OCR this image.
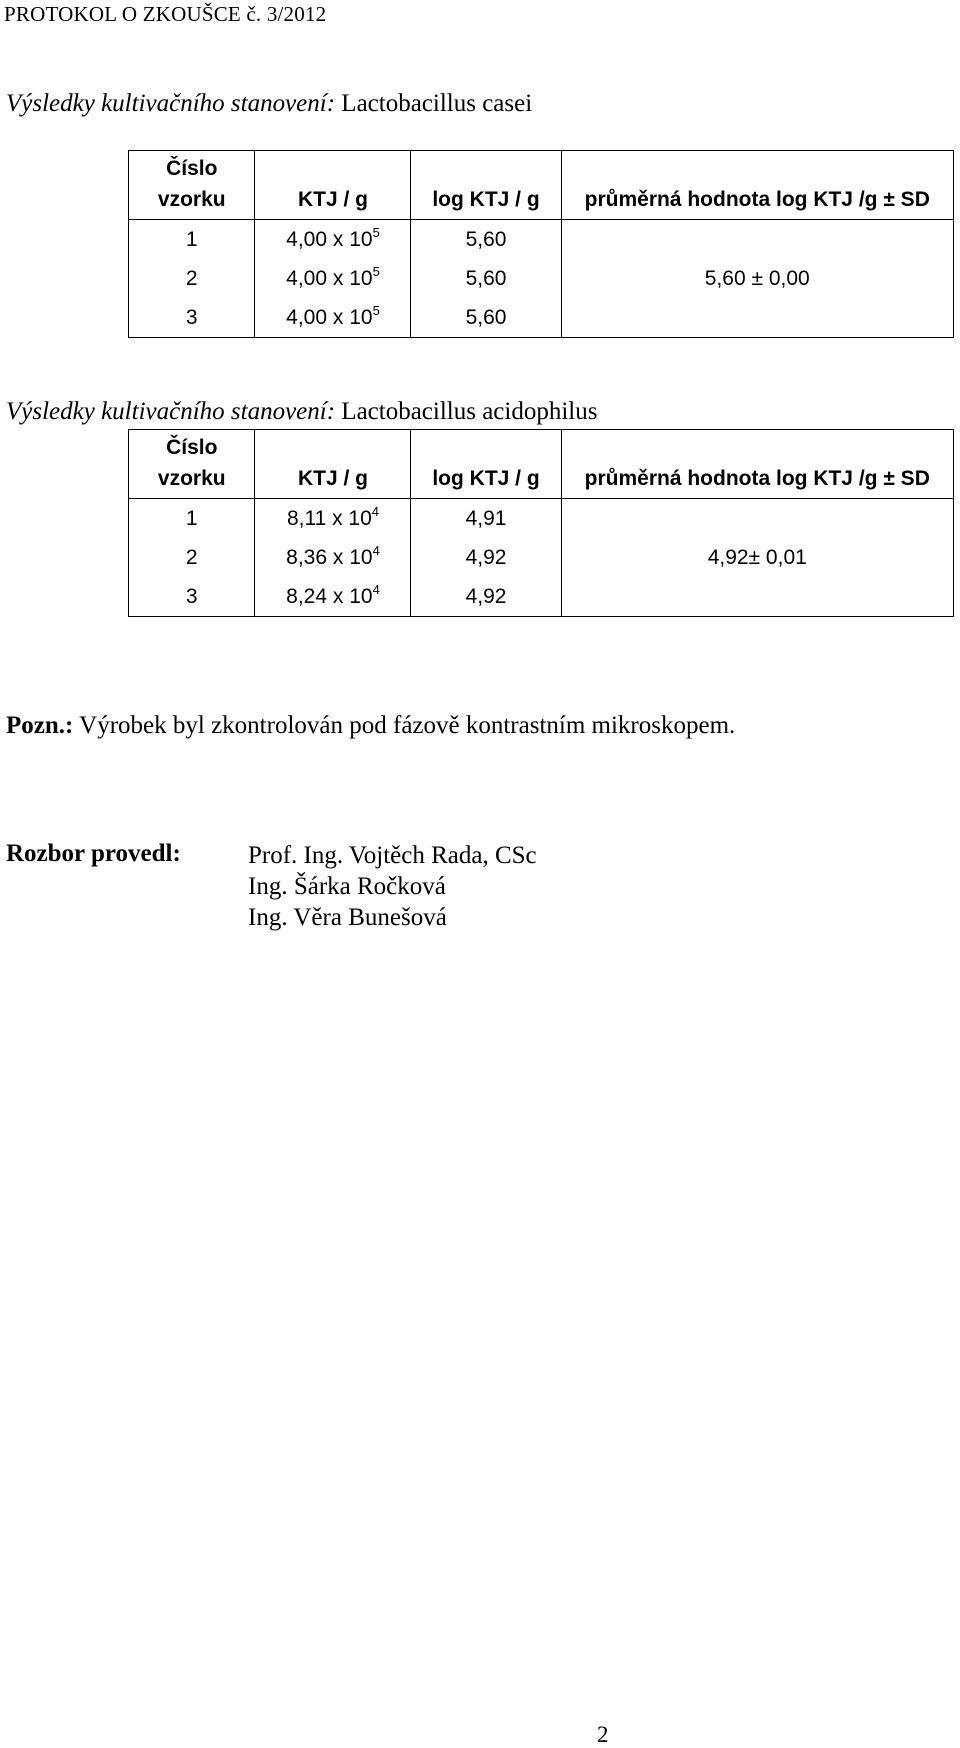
PROTOKOL O ZKOUŠCE č. 3/2012
Výsledky kultivačního stanovení: Lactobacillus casei
Číslo
vzorku	KTJ / g	log KTJ / g	průměrná hodnota log KTJ /g ± SD
1	4,00 x $10^5$	5,60	5,60 ± 0,00
2	4,00 x $10^5$	5,60	
3	4,00 x $10^5$	5,60	
Výsledky kultivačního stanovení: Lactobacillus acidophilus
Číslo
vzorku	KTJ / g	log KTJ / g	průměrná hodnota log KTJ /g ± SD
1	8,11 x $10^4$	4,91	4,92± 0,01
2	8,36 x $10^4$	4,92	
3	8,24 x $10^4$	4,92	
Pozn.: Výrobek byl zkontrolován pod fázově kontrastním mikroskopem.
Rozbor provedl:	Prof. Ing. Vojtěch Rada, CSc
Ing. Šárka Ročková
Ing. Věra Bunešová
2
